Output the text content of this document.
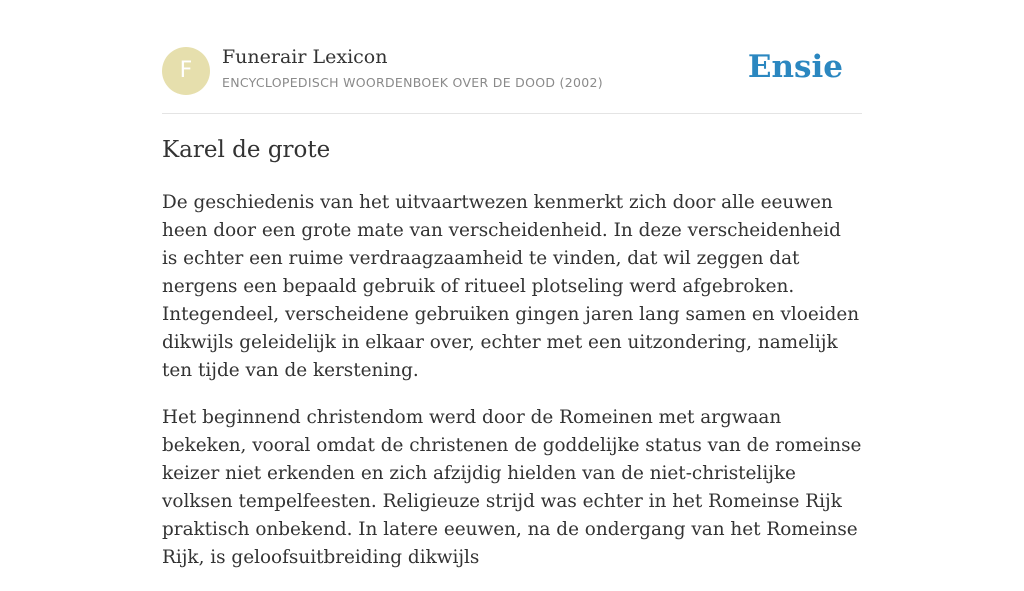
F
Funerair Lexicon
ENCYCLOPEDISCH WOORDENBOEK OVER DE DOOD (2002)	Ensie
Karel de grote

De geschiedenis van het uitvaartwezen kenmerkt zich door alle eeuwen heen door een grote mate van verscheidenheid. In deze verscheidenheid is echter een ruime verdraagzaamheid te vinden, dat wil zeggen dat nergens een bepaald gebruik of ritueel plotseling werd afgebroken. Integendeel, verscheidene gebruiken gingen jaren lang samen en vloeiden dikwijls geleidelijk in elkaar over, echter met een uitzondering, namelijk ten tijde van de kerstening.

Het beginnend christendom werd door de Romeinen met argwaan bekeken, vooral omdat de christenen de goddelijke status van de romeinse keizer niet erkenden en zich afzijdig hielden van de niet-christelijke volksen tempelfeesten. Religieuze strijd was echter in het Romeinse Rijk praktisch onbekend. In latere eeuwen, na de ondergang van het Romeinse Rijk, is geloofsuitbreiding dikwijls
